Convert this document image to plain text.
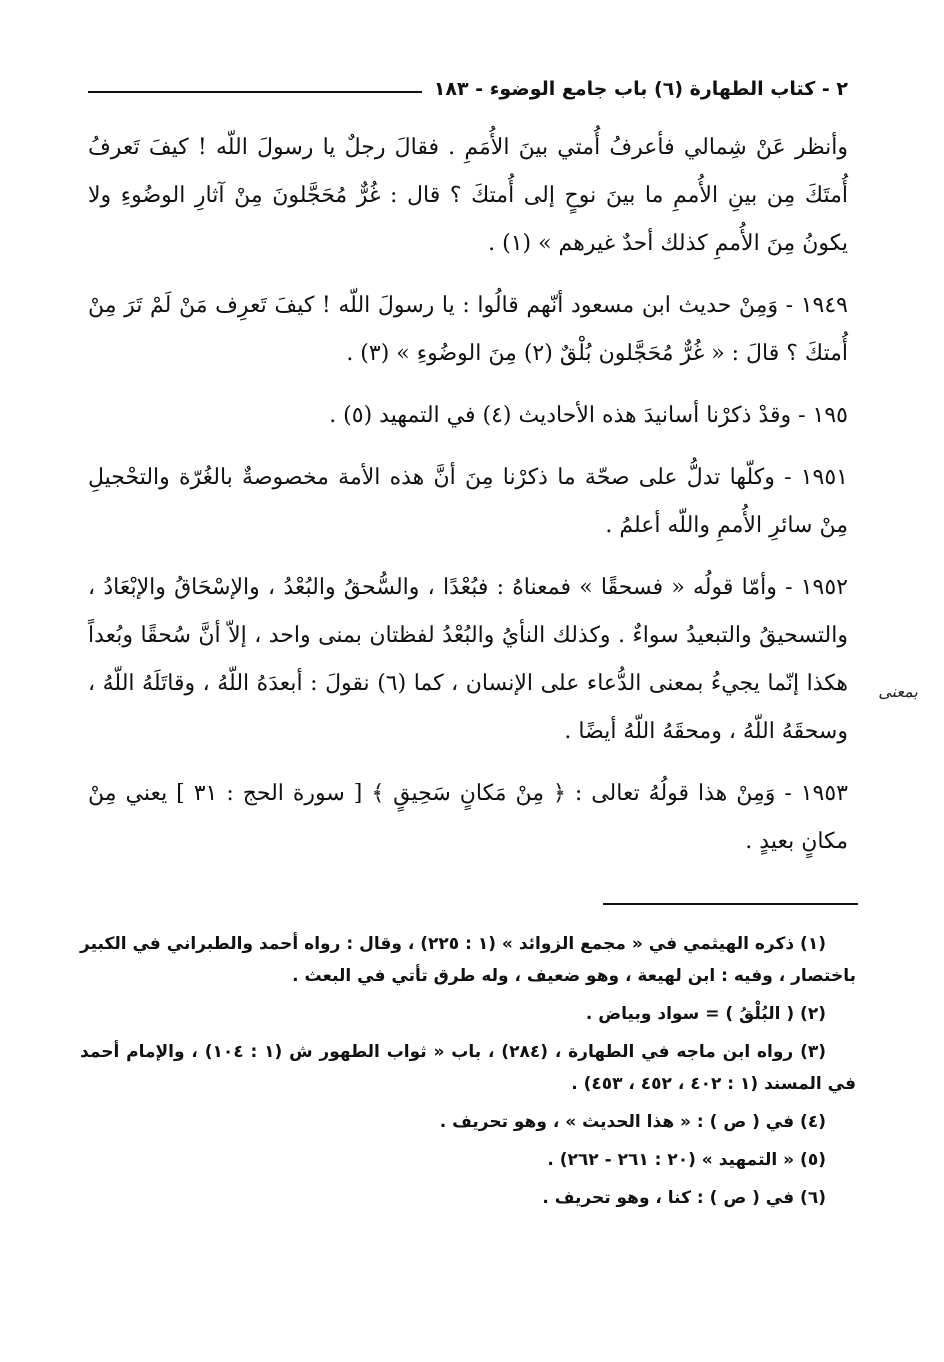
٢ - كتاب الطهارة (٦) باب جامع الوضوء - ١٨٣

وأنظر عَنْ شِمالي فأعرفُ أُمتي بينَ الأُمَمِ . فقالَ رجلٌ يا رسولَ اللّه ! كيفَ تَعرفُ أُمتَكَ مِن بينِ الأُممِ ما بينَ نوحٍ إلى أُمتكَ ؟ قال : غُرٌّ مُحَجَّلونَ مِنْ آثارِ الوضُوءِ ولا يكونُ مِنَ الأُممِ كذلك أحدٌ غيرهم » (١) .

١٩٤٩ - وَمِنْ حديث ابن مسعود أنّهم قالُوا : يا رسولَ اللّه ! كيفَ تَعرِف مَنْ لَمْ تَرَ مِنْ أُمتكَ ؟ قالَ : « غُرٌّ مُحَجَّلون بُلْقٌ (٢) مِنَ الوضُوءِ » (٣) .

١٩٥ - وقدْ ذكرْنا أسانيدَ هذه الأحاديث (٤) في التمهيد (٥) .

١٩٥١ - وكلّها تدلُّ على صحّة ما ذكرْنا مِنَ أنَّ هذه الأمة مخصوصةٌ بالغُرّة والتحْجيلِ مِنْ سائرِ الأُممِ واللّه أعلمُ .

١٩٥٢ - وأمّا قولُه « فسحقًا » فمعناهُ : فبُعْدًا ، والسُّحقُ والبُعْدُ ، والإسْحَاقُ والإبْعَادُ ، والتسحيقُ والتبعيدُ سواءٌ . وكذلك النأيُ والبُعْدُ لفظتان بمنى واحد ، إلاّ أنَّ سُحقًا وبُعداً هكذا إنّما يجيءُ بمعنى الدُّعاء على الإنسان ، كما (٦) نقولَ : أبعدَهُ اللّهُ ، وقاتَلَهُ اللّهُ ، وسحقَهُ اللّهُ ، ومحقَهُ اللّهُ أيضًا .

١٩٥٣ - وَمِنْ هذا قولُهُ تعالى : ﴿ مِنْ مَكانٍ سَحِيقٍ ﴾ [ سورة الحج : ٣١ ] يعني مِنْ مكانٍ بعيدٍ .

بمعنى

(١) ذكره الهيثمي في « مجمع الزوائد » (١ : ٢٢٥) ، وقال : رواه أحمد والطبراني في الكبير باختصار ، وفيه : ابن لهيعة ، وهو ضعيف ، وله طرق تأتي في البعث .

(٢) ( البُلْقُ ) = سواد وبياض .

(٣) رواه ابن ماجه في الطهارة ، (٢٨٤) ، باب « ثواب الطهور ش (١ : ١٠٤) ، والإمام أحمد في المسند (١ : ٤٠٢ ، ٤٥٢ ، ٤٥٣) .

(٤) في ( ص ) : « هذا الحديث » ، وهو تحريف .

(٥) « التمهيد » (٢٠ : ٢٦١ - ٢٦٢) .

(٦) في ( ص ) : كنا ، وهو تحريف .
